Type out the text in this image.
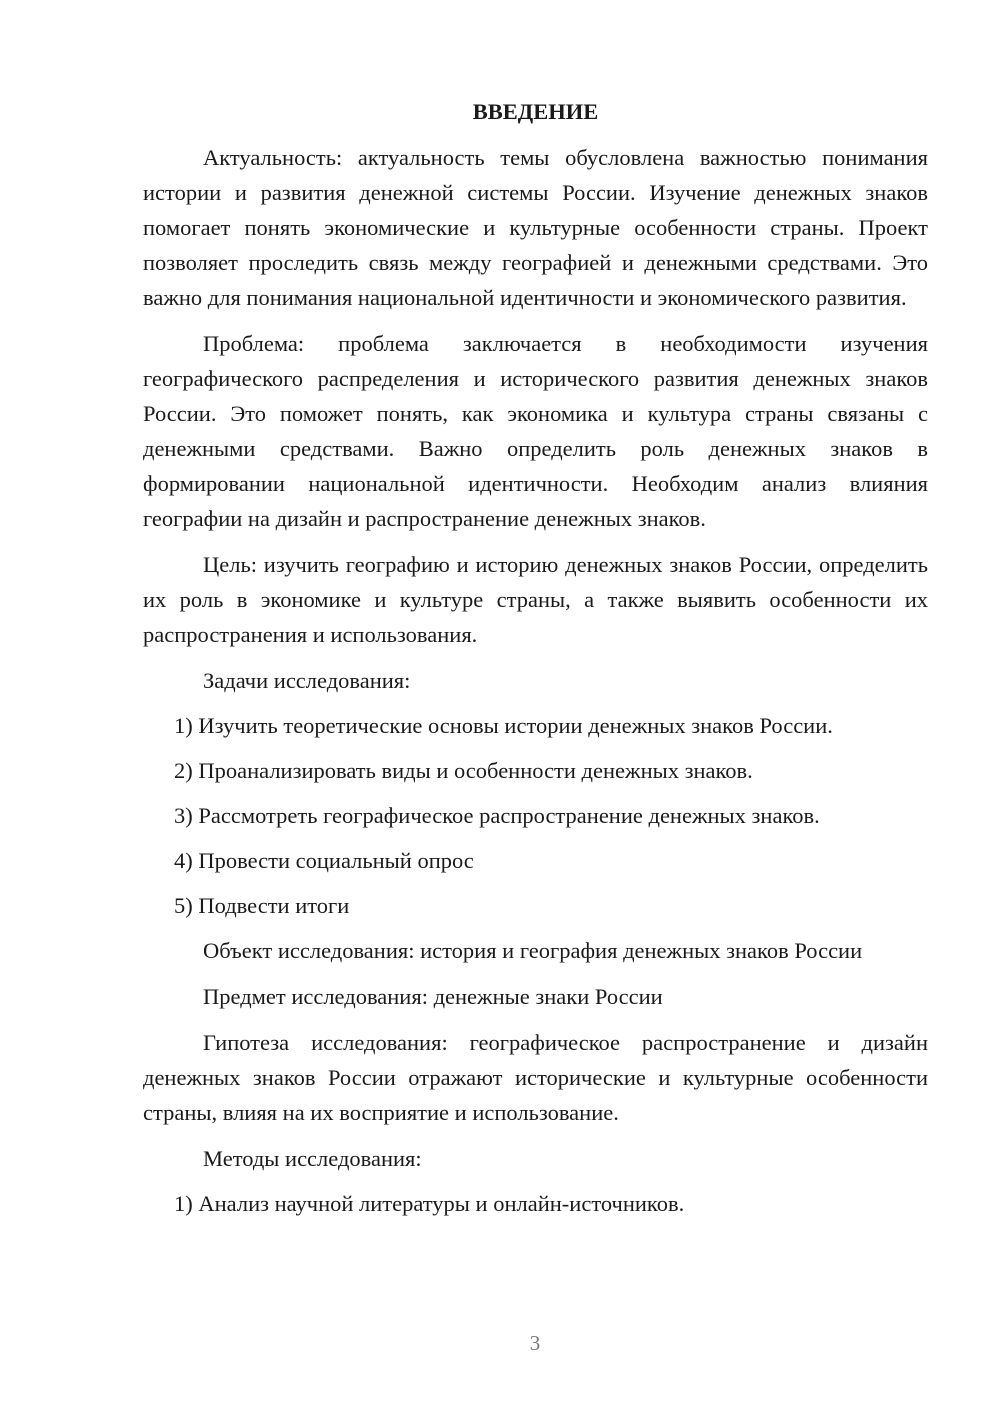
ВВЕДЕНИЕ
Актуальность: актуальность темы обусловлена важностью понимания истории и развития денежной системы России. Изучение денежных знаков помогает понять экономические и культурные особенности страны. Проект позволяет проследить связь между географией и денежными средствами. Это важно для понимания национальной идентичности и экономического развития.
Проблема: проблема заключается в необходимости изучения географического распределения и исторического развития денежных знаков России. Это поможет понять, как экономика и культура страны связаны с денежными средствами. Важно определить роль денежных знаков в формировании национальной идентичности. Необходим анализ влияния географии на дизайн и распространение денежных знаков.
Цель: изучить географию и историю денежных знаков России, определить их роль в экономике и культуре страны, а также выявить особенности их распространения и использования.
Задачи исследования:
1) Изучить теоретические основы истории денежных знаков России.
2) Проанализировать виды и особенности денежных знаков.
3) Рассмотреть географическое распространение денежных знаков.
4) Провести социальный опрос
5) Подвести итоги
Объект исследования: история и география денежных знаков России
Предмет исследования: денежные знаки России
Гипотеза исследования: географическое распространение и дизайн денежных знаков России отражают исторические и культурные особенности страны, влияя на их восприятие и использование.
Методы исследования:
1) Анализ научной литературы и онлайн-источников.
3
